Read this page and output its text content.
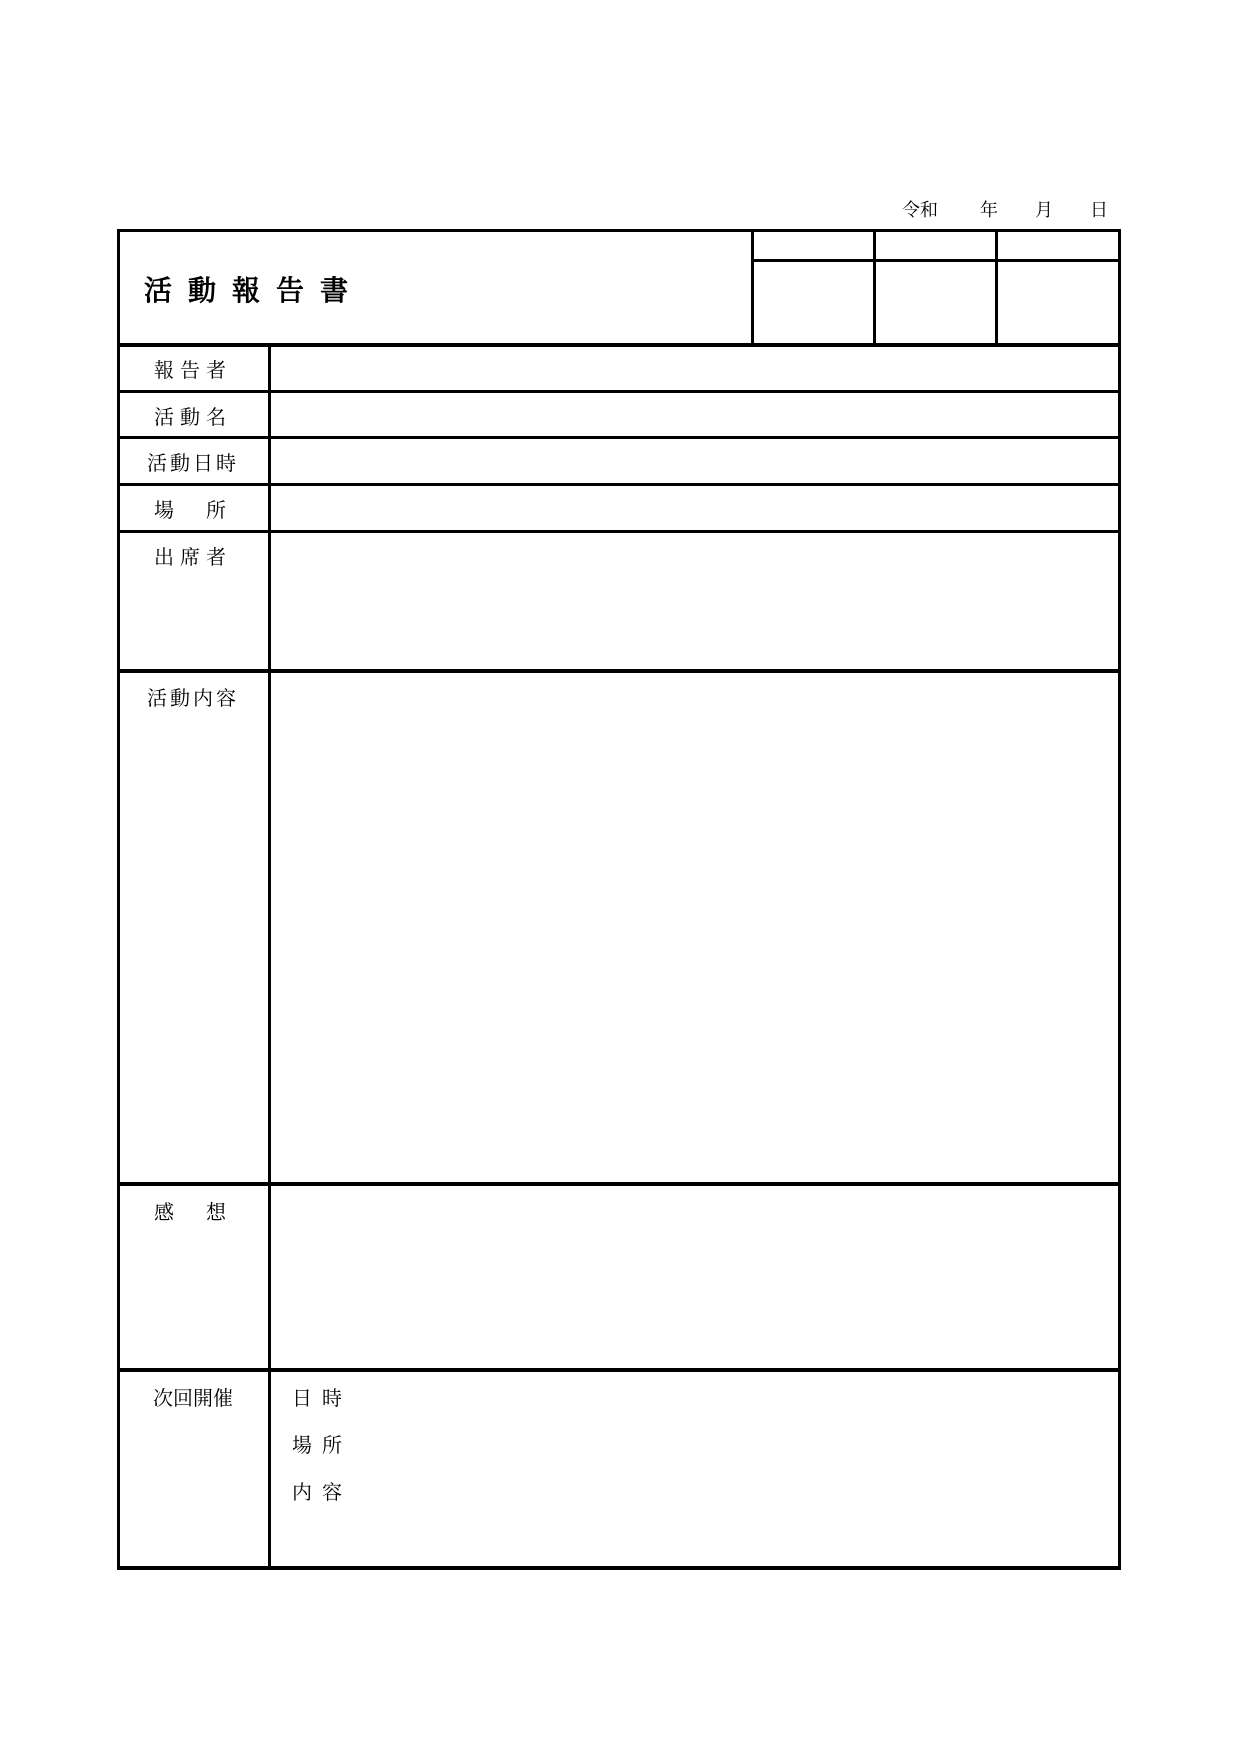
令和 年 月 日
活動報告書
報告者
活動名
活動日時
場　所
出席者
活動内容
感　想
次回開催	日時
場所
内容
